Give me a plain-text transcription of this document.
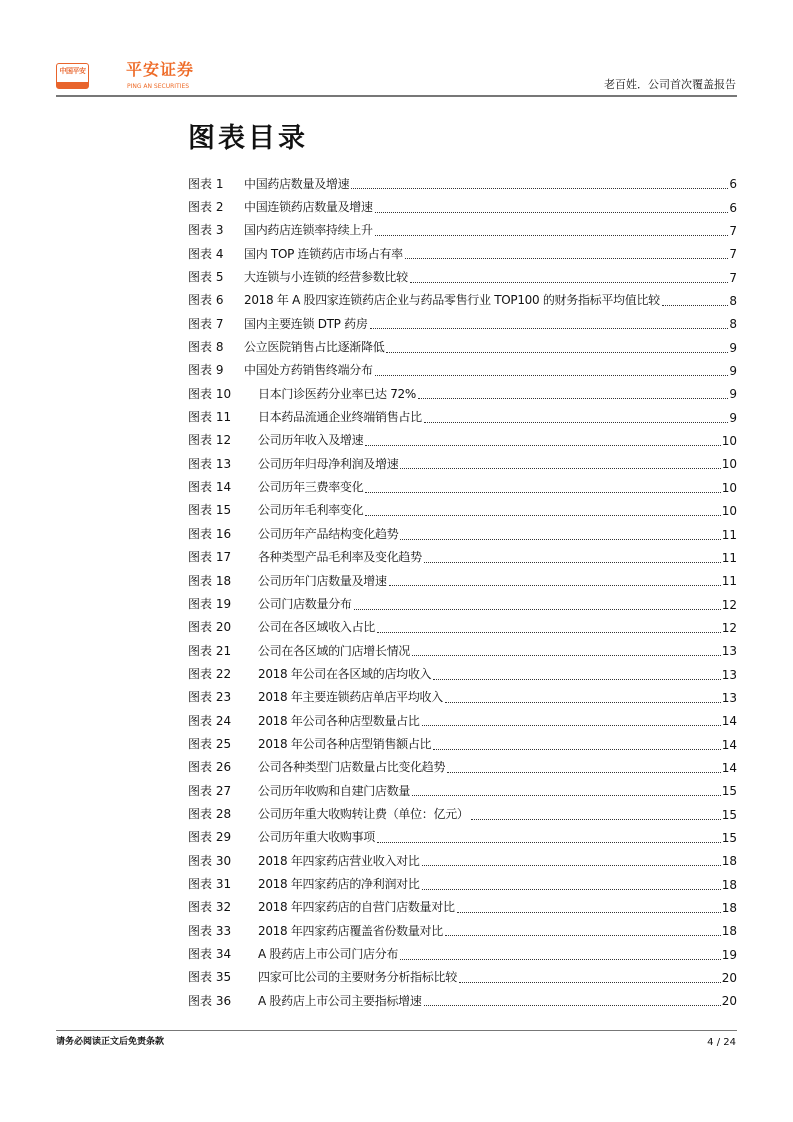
中国平安	平安证券
PING AN SECURITIES	老百姓．公司首次覆盖报告
图表目录
图表 1	中国药店数量及增速	6
图表 2	中国连锁药店数量及增速	6
图表 3	国内药店连锁率持续上升	7
图表 4	国内 TOP 连锁药店市场占有率	7
图表 5	大连锁与小连锁的经营参数比较	7
图表 6	2018 年 A 股四家连锁药店企业与药品零售行业 TOP100 的财务指标平均值比较	8
图表 7	国内主要连锁 DTP 药房	8
图表 8	公立医院销售占比逐渐降低	9
图表 9	中国处方药销售终端分布	9
图表 10	日本门诊医药分业率已达 72%	9
图表 11	日本药品流通企业终端销售占比	9
图表 12	公司历年收入及增速	10
图表 13	公司历年归母净利润及增速	10
图表 14	公司历年三费率变化	10
图表 15	公司历年毛利率变化	10
图表 16	公司历年产品结构变化趋势	11
图表 17	各种类型产品毛利率及变化趋势	11
图表 18	公司历年门店数量及增速	11
图表 19	公司门店数量分布	12
图表 20	公司在各区域收入占比	12
图表 21	公司在各区域的门店增长情况	13
图表 22	2018 年公司在各区域的店均收入	13
图表 23	2018 年主要连锁药店单店平均收入	13
图表 24	2018 年公司各种店型数量占比	14
图表 25	2018 年公司各种店型销售额占比	14
图表 26	公司各种类型门店数量占比变化趋势	14
图表 27	公司历年收购和自建门店数量	15
图表 28	公司历年重大收购转让费（单位：亿元）	15
图表 29	公司历年重大收购事项	15
图表 30	2018 年四家药店营业收入对比	18
图表 31	2018 年四家药店的净利润对比	18
图表 32	2018 年四家药店的自营门店数量对比	18
图表 33	2018 年四家药店覆盖省份数量对比	18
图表 34	A 股药店上市公司门店分布	19
图表 35	四家可比公司的主要财务分析指标比较	20
图表 36	A 股药店上市公司主要指标增速	20
请务必阅读正文后免责条款	4 / 24
